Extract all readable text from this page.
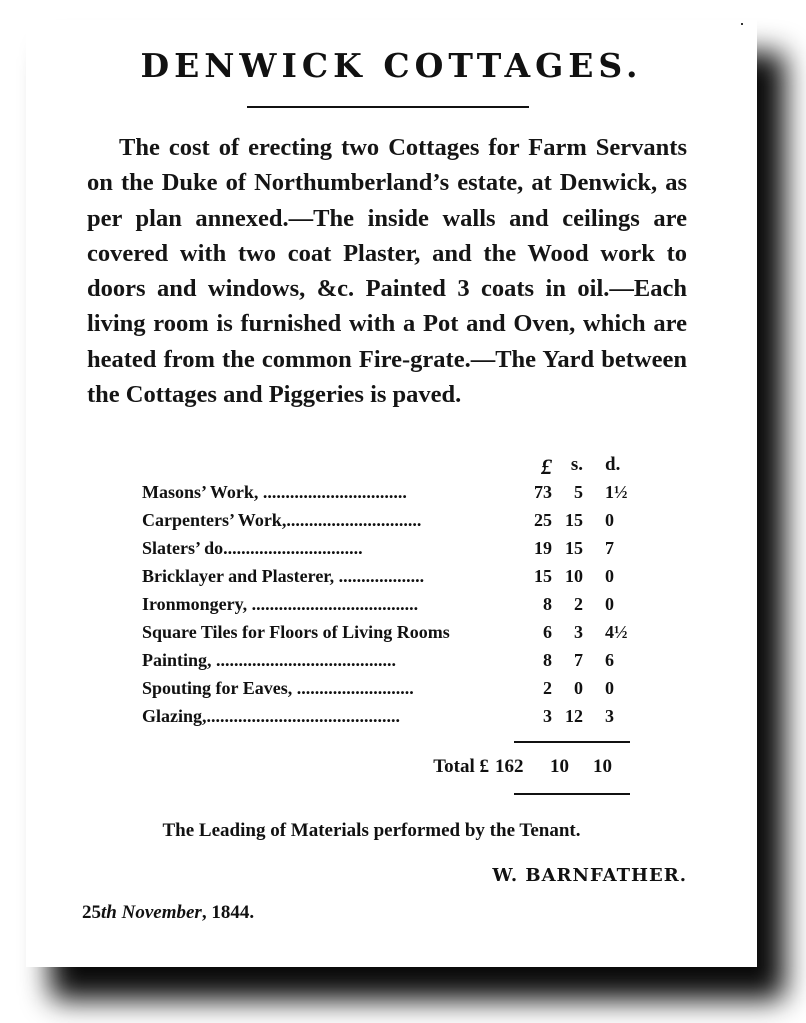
DENWICK COTTAGES.
The cost of erecting two Cottages for Farm Servants on the Duke of Northumberland’s estate, at Denwick, as per plan annexed.—The inside walls and ceilings are covered with two coat Plaster, and the Wood work to doors and windows, &c. Painted 3 coats in oil.—Each living room is furnished with a Pot and Oven, which are heated from the common Fire-grate.—The Yard between the Cottages and Piggeries is paved.
£ s. d.
Masons’ Work, ................................	73 5 1½
Carpenters’ Work,..............................	25 15 0
Slaters’ do...............................	19 15 7
Bricklayer and Plasterer, ...................	15 10 0
Ironmongery, .....................................	8 2 0
Square Tiles for Floors of Living Rooms	6 3 4½
Painting, ........................................	8 7 6
Spouting for Eaves, ..........................	2 0 0
Glazing,...........................................	3 12 3
Total £ 162 10 10
The Leading of Materials performed by the Tenant.
W. BARNFATHER.
25th November, 1844.
